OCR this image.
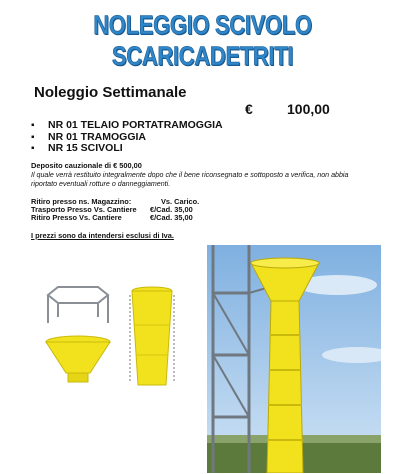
NOLEGGIO SCIVOLO
SCARICADETRITI
Noleggio Settimanale
€ 100,00
▪ NR 01 TELAIO PORTATRAMOGGIA
▪ NR 01 TRAMOGGIA
▪ NR 15 SCIVOLI
Deposito cauzionale di € 500,00
Il quale verrà restituito integralmente dopo che il bene riconsegnato e sottoposto a verifica, non abbia riportato eventuali rotture o danneggiamenti.
Ritiro presso ns. Magazzino:	Vs. Carico.
Trasporto Presso Vs. Cantiere €/Cad. 35,00
Ritiro Presso Vs. Cantiere	€/Cad. 35,00
I prezzi sono da intendersi esclusi di Iva.
